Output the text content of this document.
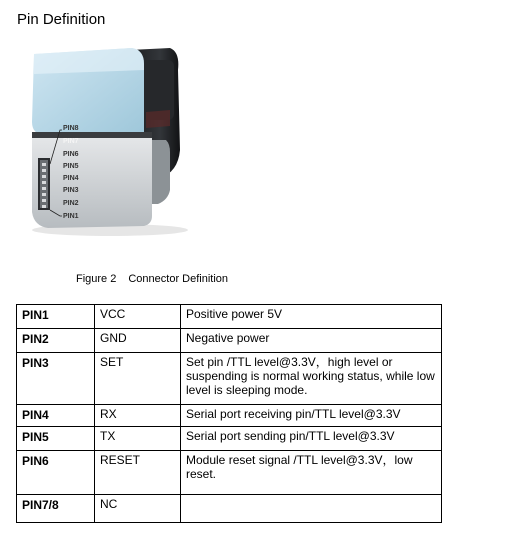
Pin Definition
PIN8
PIN7
PIN6
PIN5
PIN4
PIN3
PIN2
PIN1
Figure 2 Connector Definition
PIN1	VCC	Positive power 5V
PIN2	GND	Negative power
PIN3	SET	Set pin /TTL level@3.3V，high level or suspending is normal working status, while low level is sleeping mode.
PIN4	RX	Serial port receiving pin/TTL level@3.3V
PIN5	TX	Serial port sending pin/TTL level@3.3V
PIN6	RESET	Module reset signal /TTL level@3.3V，low reset.
PIN7/8	NC	
